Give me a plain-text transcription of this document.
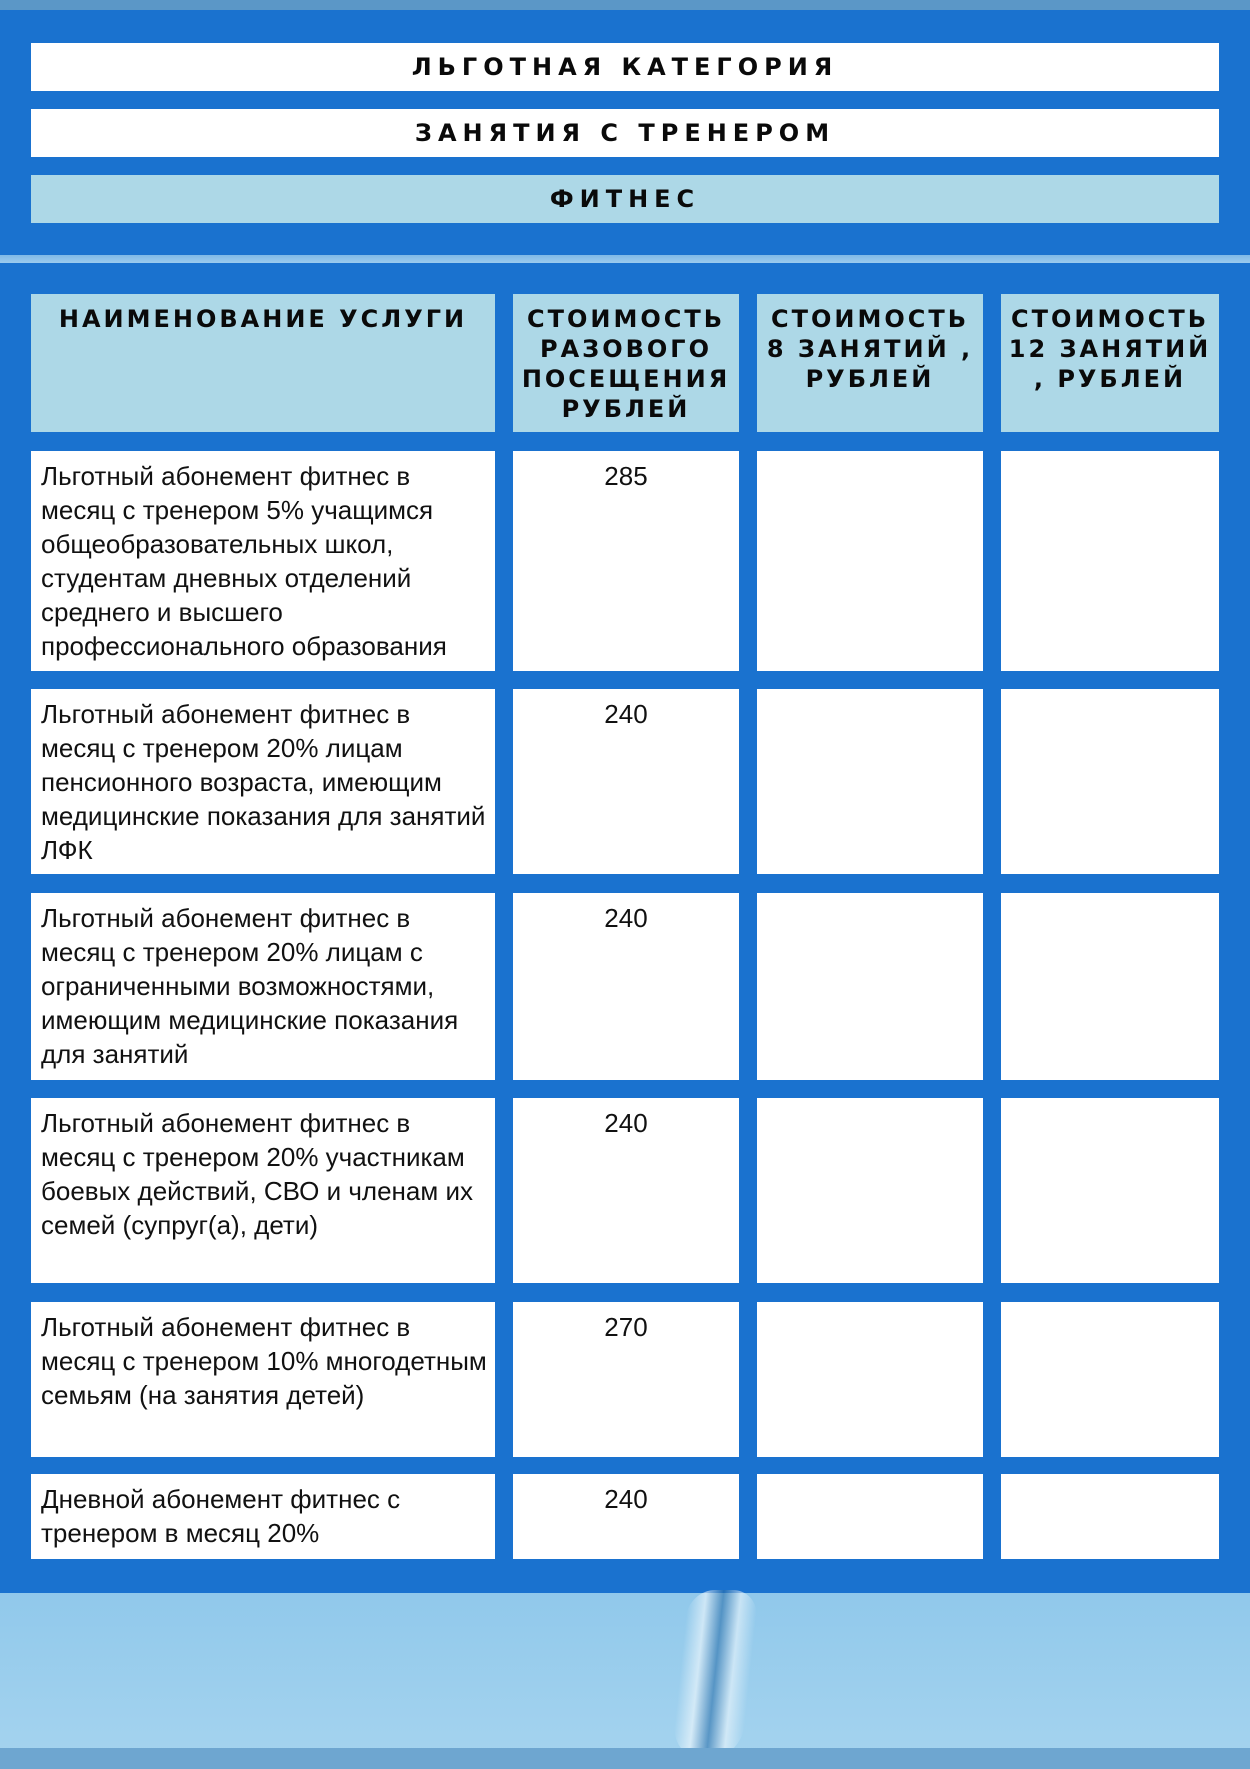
ЛЬГОТНАЯ КАТЕГОРИЯ
ЗАНЯТИЯ С ТРЕНЕРОМ
ФИТНЕС
НАИМЕНОВАНИЕ УСЛУГИ	СТОИМОСТЬ РАЗОВОГО ПОСЕЩЕНИЯ РУБЛЕЙ
СТОИМОСТЬ 8 ЗАНЯТИЙ , РУБЛЕЙ
СТОИМОСТЬ 12 ЗАНЯТИЙ , РУБЛЕЙ
Льготный абонемент фитнес в месяц с тренером 5% учащимся общеобразовательных школ, студентам дневных отделений среднего и высшего профессионального образования
285
Льготный абонемент фитнес в месяц с тренером 20% лицам пенсионного возраста, имеющим медицинские показания для занятий ЛФК
240
Льготный абонемент фитнес в месяц с тренером 20% лицам с ограниченными возможностями, имеющим медицинские показания для занятий
240
Льготный абонемент фитнес в месяц с тренером 20% участникам боевых действий, СВО и членам их семей (супруг(а), дети)
240
Льготный абонемент фитнес в месяц с тренером 10% многодетным семьям (на занятия детей)
270
Дневной абонемент фитнес с тренером в месяц 20%
240
